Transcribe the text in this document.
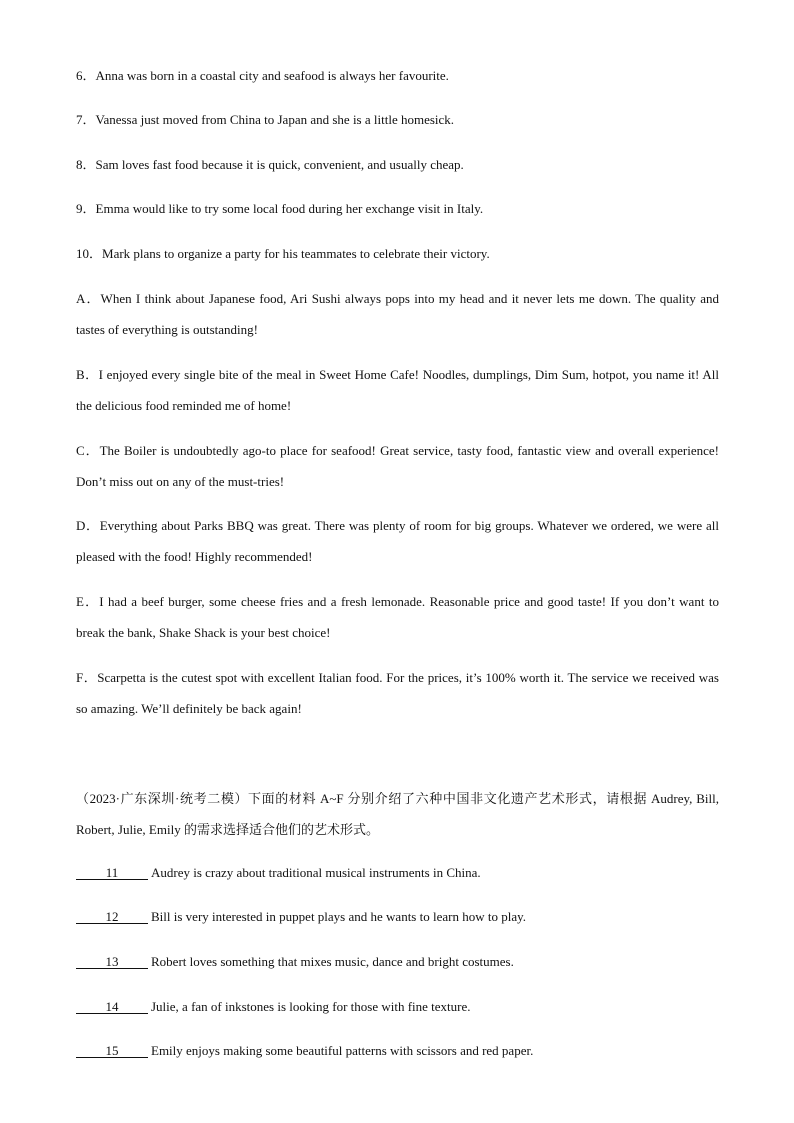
6．Anna was born in a coastal city and seafood is always her favourite.
7．Vanessa just moved from China to Japan and she is a little homesick.
8．Sam loves fast food because it is quick, convenient, and usually cheap.
9．Emma would like to try some local food during her exchange visit in Italy.
10．Mark plans to organize a party for his teammates to celebrate their victory.
A．When I think about Japanese food, Ari Sushi always pops into my head and it never lets me down. The quality and tastes of everything is outstanding!
B．I enjoyed every single bite of the meal in Sweet Home Cafe! Noodles, dumplings, Dim Sum, hotpot, you name it! All the delicious food reminded me of home!
C．The Boiler is undoubtedly ago-to place for seafood! Great service, tasty food, fantastic view and overall experience! Don’t miss out on any of the must-tries!
D．Everything about Parks BBQ was great. There was plenty of room for big groups. Whatever we ordered, we were all pleased with the food! Highly recommended!
E．I had a beef burger, some cheese fries and a fresh lemonade. Reasonable price and good taste! If you don’t want to break the bank, Shake Shack is your best choice!
F．Scarpetta is the cutest spot with excellent Italian food. For the prices, it’s 100% worth it. The service we received was so amazing. We’ll definitely be back again!
（2023·广东深圳·统考二模）下面的材料 A~F 分别介绍了六种中国非文化遗产艺术形式，请根据 Audrey, Bill, Robert, Julie, Emily 的需求选择适合他们的艺术形式。
11	Audrey is crazy about traditional musical instruments in China.
12	Bill is very interested in puppet plays and he wants to learn how to play.
13	Robert loves something that mixes music, dance and bright costumes.
14	Julie, a fan of inkstones is looking for those with fine texture.
15	Emily enjoys making some beautiful patterns with scissors and red paper.
